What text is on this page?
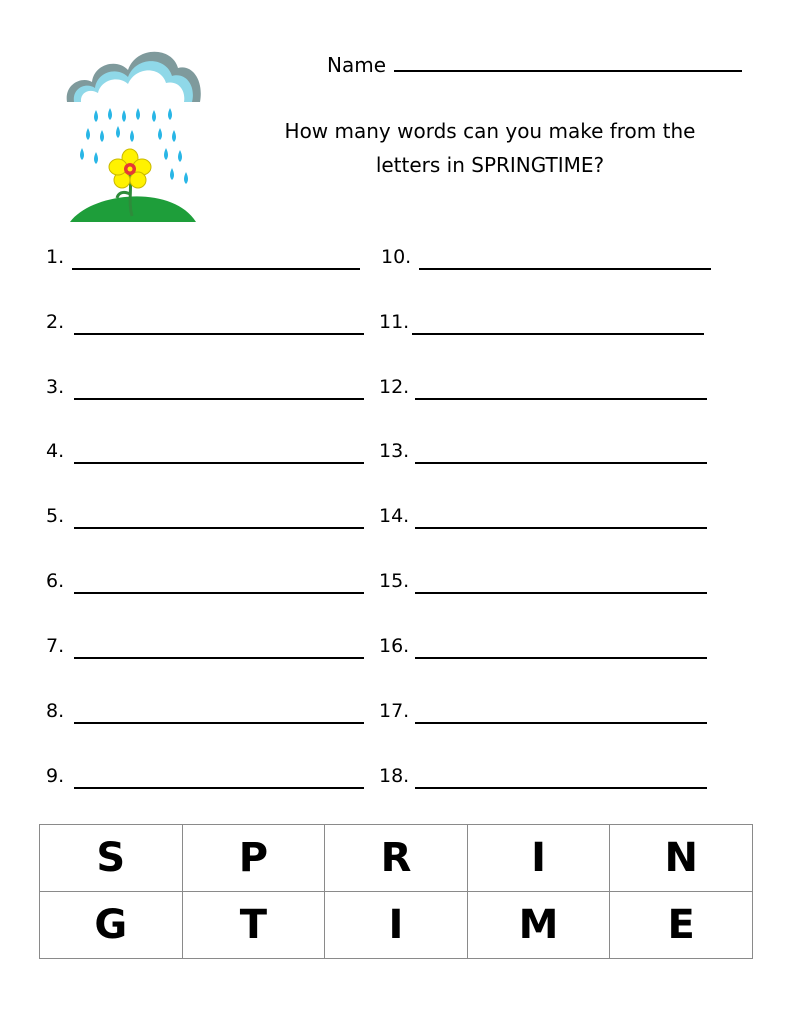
Name
How many words can you make from the
letters in SPRINGTIME?
1.
2.
3.
4.
5.
6.
7.
8.
9.
10.
11.
12.
13.
14.
15.
16.
17.
18.
S	P	R	I	N
G	T	I	M	E
